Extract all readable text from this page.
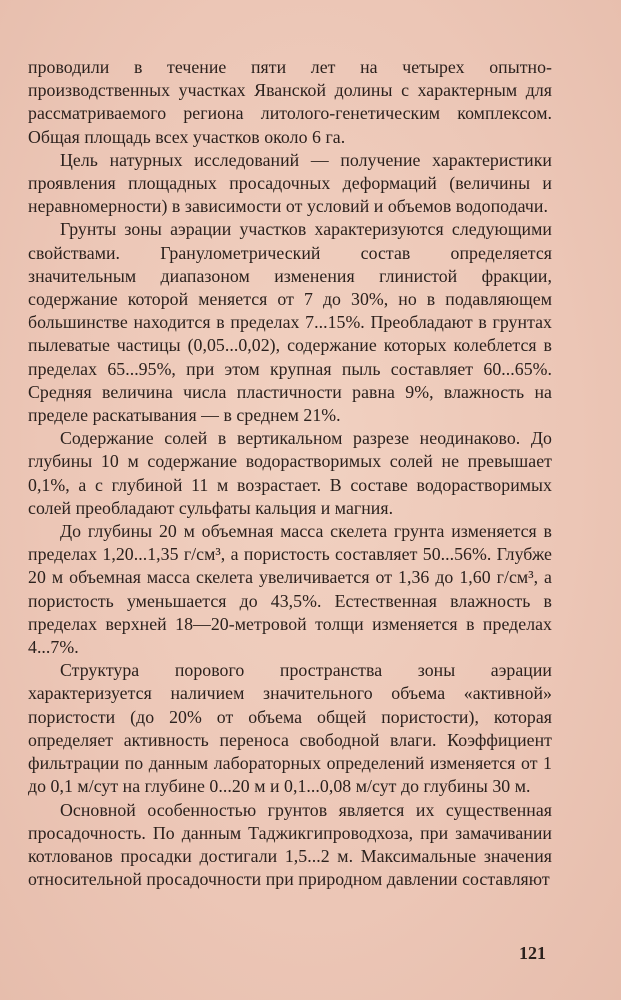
проводили в течение пяти лет на четырех опытно-производственных участках Яванской долины с характерным для рассматриваемого региона литолого-генетическим комплексом. Общая площадь всех участков около 6 га.

Цель натурных исследований — получение характеристики проявления площадных просадочных деформаций (величины и неравномерности) в зависимости от условий и объемов водоподачи.

Грунты зоны аэрации участков характеризуются следующими свойствами. Гранулометрический состав определяется значительным диапазоном изменения глинистой фракции, содержание которой меняется от 7 до 30%, но в подавляющем большинстве находится в пределах 7...15%. Преобладают в грунтах пылеватые частицы (0,05...0,02), содержание которых колеблется в пределах 65...95%, при этом крупная пыль составляет 60...65%. Средняя величина числа пластичности равна 9%, влажность на пределе раскатывания — в среднем 21%.

Содержание солей в вертикальном разрезе неодинаково. До глубины 10 м содержание водорастворимых солей не превышает 0,1%, а с глубиной 11 м возрастает. В составе водорастворимых солей преобладают сульфаты кальция и магния.

До глубины 20 м объемная масса скелета грунта изменяется в пределах 1,20...1,35 г/см³, а пористость составляет 50...56%. Глубже 20 м объемная масса скелета увеличивается от 1,36 до 1,60 г/см³, а пористость уменьшается до 43,5%. Естественная влажность в пределах верхней 18—20-метровой толщи изменяется в пределах 4...7%.

Структура порового пространства зоны аэрации характеризуется наличием значительного объема «активной» пористости (до 20% от объема общей пористости), которая определяет активность переноса свободной влаги. Коэффициент фильтрации по данным лабораторных определений изменяется от 1 до 0,1 м/сут на глубине 0...20 м и 0,1...0,08 м/сут до глубины 30 м.

Основной особенностью грунтов является их существенная просадочность. По данным Таджикгипроводхоза, при замачивании котлованов просадки достигали 1,5...2 м. Максимальные значения относительной просадочности при природном давлении составляют

121
